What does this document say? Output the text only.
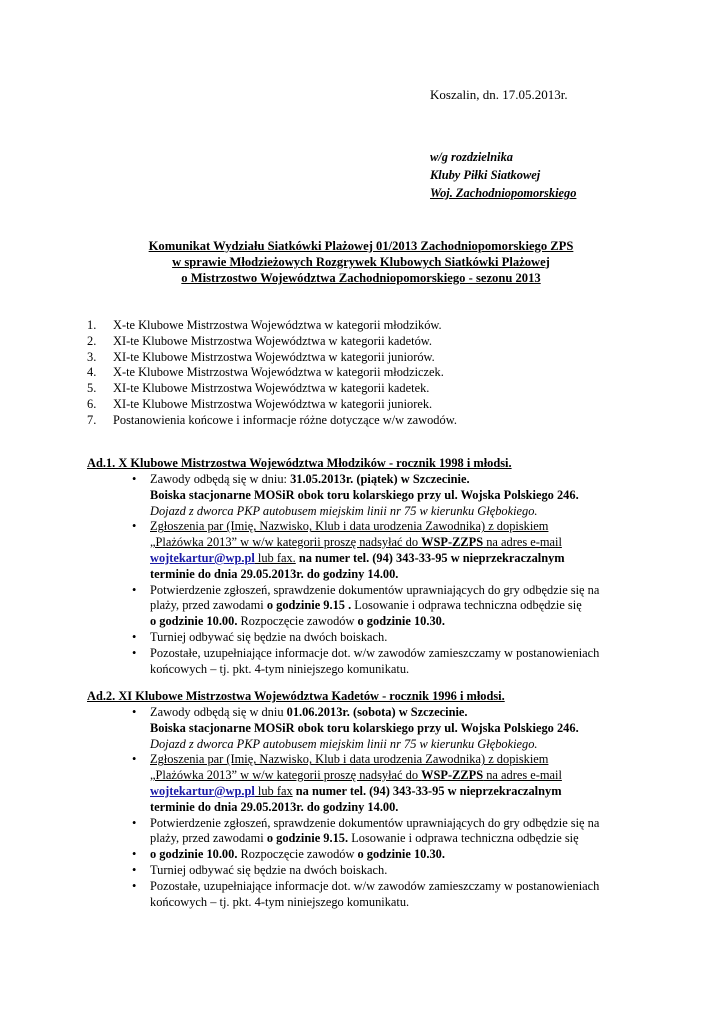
Koszalin, dn. 17.05.2013r.
w/g rozdzielnika
Kluby Piłki Siatkowej
Woj. Zachodniopomorskiego
Komunikat Wydziału Siatkówki Plażowej 01/2013 Zachodniopomorskiego ZPS
w sprawie Młodzieżowych Rozgrywek Klubowych Siatkówki Plażowej
o Mistrzostwo Województwa Zachodniopomorskiego - sezonu 2013
1. X-te Klubowe Mistrzostwa Województwa w kategorii młodzików.
2. XI-te Klubowe Mistrzostwa Województwa w kategorii kadetów.
3. XI-te Klubowe Mistrzostwa Województwa w kategorii juniorów.
4. X-te Klubowe Mistrzostwa Województwa w kategorii młodziczek.
5. XI-te Klubowe Mistrzostwa Województwa w kategorii kadetek.
6. XI-te Klubowe Mistrzostwa Województwa w kategorii juniorek.
7. Postanowienia końcowe i informacje różne dotyczące w/w zawodów.
Ad.1. X Klubowe Mistrzostwa Województwa Młodzików - rocznik 1998 i młodsi.
• Zawody odbędą się w dniu: 31.05.2013r. (piątek) w Szczecinie.
Boiska stacjonarne MOSiR obok toru kolarskiego przy ul. Wojska Polskiego 246.
Dojazd z dworca PKP autobusem miejskim linii nr 75 w kierunku Głębokiego.
• Zgłoszenia par (Imię, Nazwisko, Klub i data urodzenia Zawodnika) z dopiskiem
„Plażówka 2013” w w/w kategorii proszę nadsyłać do WSP-ZZPS na adres e-mail
wojtekartur@wp.pl lub fax. na numer tel. (94) 343-33-95 w nieprzekraczalnym
terminie do dnia 29.05.2013r. do godziny 14.00.
• Potwierdzenie zgłoszeń, sprawdzenie dokumentów uprawniających do gry odbędzie się na
plaży, przed zawodami o godzinie 9.15 . Losowanie i odprawa techniczna odbędzie się
o godzinie 10.00. Rozpoczęcie zawodów o godzinie 10.30.
• Turniej odbywać się będzie na dwóch boiskach.
• Pozostałe, uzupełniające informacje dot. w/w zawodów zamieszczamy w postanowieniach
końcowych – tj. pkt. 4-tym niniejszego komunikatu.
Ad.2. XI Klubowe Mistrzostwa Województwa Kadetów - rocznik 1996 i młodsi.
• Zawody odbędą się w dniu 01.06.2013r. (sobota) w Szczecinie.
Boiska stacjonarne MOSiR obok toru kolarskiego przy ul. Wojska Polskiego 246.
Dojazd z dworca PKP autobusem miejskim linii nr 75 w kierunku Głębokiego.
• Zgłoszenia par (Imię, Nazwisko, Klub i data urodzenia Zawodnika) z dopiskiem
„Plażówka 2013” w w/w kategorii proszę nadsyłać do WSP-ZZPS na adres e-mail
wojtekartur@wp.pl lub fax na numer tel. (94) 343-33-95 w nieprzekraczalnym
terminie do dnia 29.05.2013r. do godziny 14.00.
• Potwierdzenie zgłoszeń, sprawdzenie dokumentów uprawniających do gry odbędzie się na
plaży, przed zawodami o godzinie 9.15. Losowanie i odprawa techniczna odbędzie się
• o godzinie 10.00. Rozpoczęcie zawodów o godzinie 10.30.
• Turniej odbywać się będzie na dwóch boiskach.
• Pozostałe, uzupełniające informacje dot. w/w zawodów zamieszczamy w postanowieniach
końcowych – tj. pkt. 4-tym niniejszego komunikatu.
